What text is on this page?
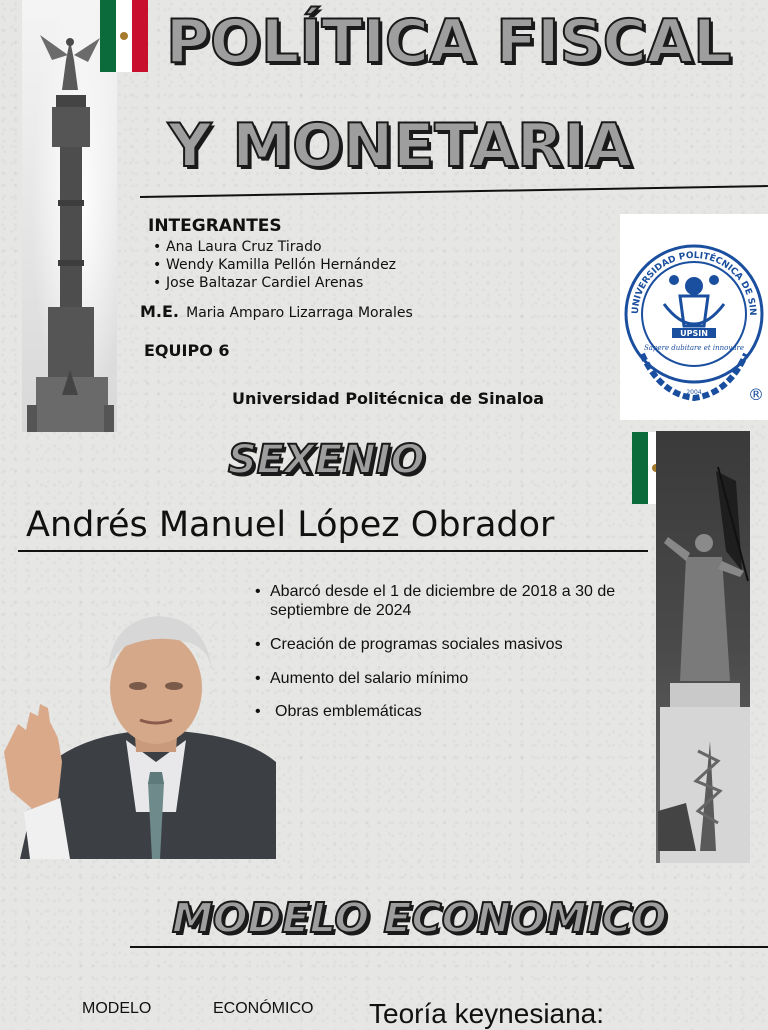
POLÍTICA FISCAL
Y MONETARIA
INTEGRANTES
• Ana Laura Cruz Tirado
• Wendy Kamilla Pellón Hernández
• Jose Baltazar Cardiel Arenas
M.E. Maria Amparo Lizarraga Morales
EQUIPO 6
Universidad Politécnica de Sinaloa
UNIVERSIDAD POLITÉCNICA DE SIN
UPSIN
Sapere dubitare et innovare
2004	®
SEXENIO
Andrés Manuel López Obrador
• Abarcó desde el 1 de diciembre de 2018 a 30 de septiembre de 2024
• Creación de programas sociales masivos
• Aumento del salario mínimo
• Obras emblemáticas
MODELO ECONOMICO
MODELO	ECONÓMICO Teoría keynesiana:
